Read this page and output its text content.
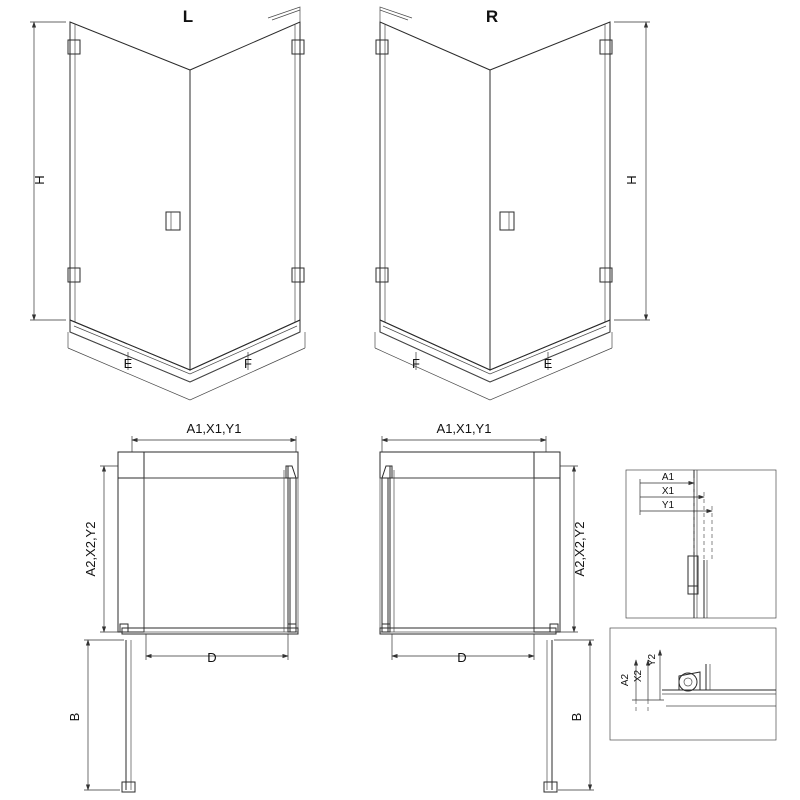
H
E	F
L
H
F	E
R
A1,X1,Y1
A2,X2,Y2
D
B
A1,X1,Y1
A2,X2,Y2
D
B
A1
X1
Y1
A2 X2
Y2
